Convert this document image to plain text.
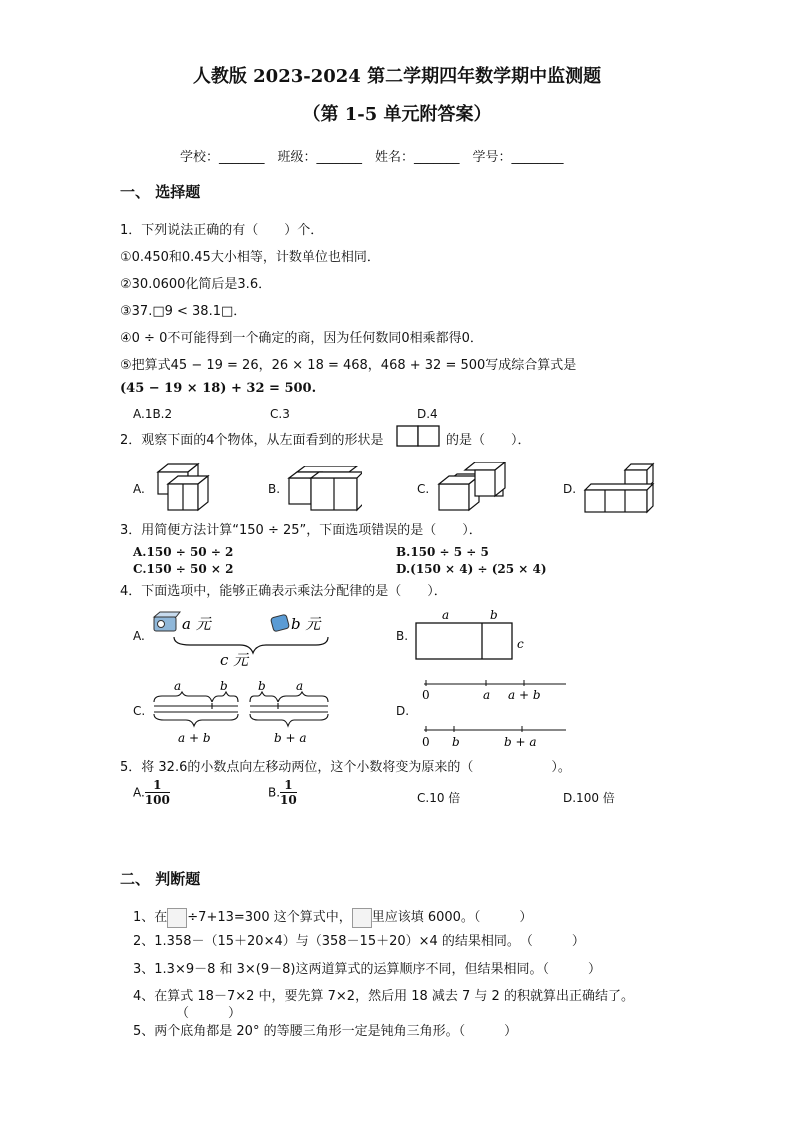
人教版 2023-2024 第二学期四年数学期中监测题
（第 1-5 单元附答案）
学校：_______　班级：_______　姓名：_______　学号：________
一、 选择题
1．下列说法正确的有（　　）个．
①0.450和0.45大小相等，计数单位也相同．
②30.0600化简后是3.6．
③37.□9 < 38.1□．
④0 ÷ 0不可能得到一个确定的商，因为任何数同0相乘都得0．
⑤把算式45 − 19 = 26，26 × 18 = 468，468 + 32 = 500写成综合算式是
(45 − 19 × 18) + 32 = 500.
A.1B.2	C.3	D.4
2．观察下面的4个物体，从左面看到的形状是	的是（　　）．
A.	B.	C.	D.
3．用简便方法计算“150 ÷ 25”，下面选项错误的是（　　）．
A.150 ÷ 50 ÷ 2	B.150 ÷ 5 ÷ 5
C.150 ÷ 50 × 2	D.(150 × 4) ÷ (25 × 4)
4．下面选项中，能够正确表示乘法分配律的是（　　）．
A.	B.
C.	D.
a 元	b 元
c 元
a	b
c
a	b	b	a
a + b	b + a
0	a a + b
0 b	b + a
5．将 32.6的小数点向左移动两位，这个小数将变为原来的（　　　　　　）。
A. $\frac{1}{100}$	B. $\frac{1}{10}$	C.10 倍	D.100 倍
二、 判断题
1、在 ÷7+13=300 这个算式中， 里应该填 6000。（　　　）
2、1.358－（15＋20×4）与（358－15＋20）×4 的结果相同。　（　　　）
3、1.3×9－8 和 3×(9－8)这两道算式的运算顺序不同，但结果相同。（　　　）
4、在算式 18－7×2 中，要先算 7×2，然后用 18 减去 7 与 2 的积就算出正确结了。
（　　　）
5、两个底角都是 20° 的等腰三角形一定是钝角三角形。（　　　）
